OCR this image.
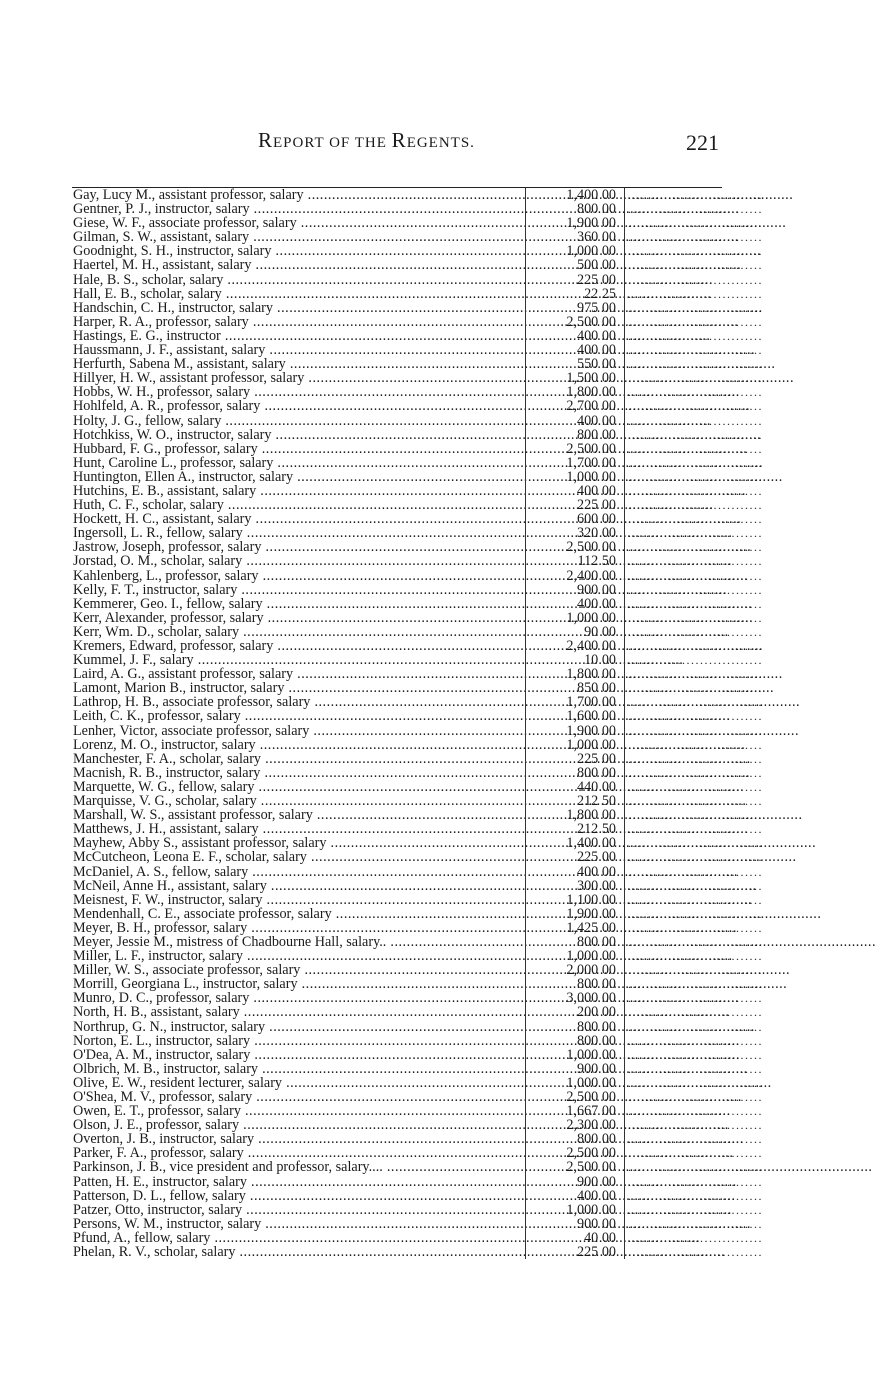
REPORT OF THE REGENTS.	221
Gay, Lucy M., assistant professor, salary .....	1,400 00 ..............................
Gentner, P. J., instructor, salary .....	800 00 ..............................
Giese, W. F., associate professor, salary .....	1,900 00 ..............................
Gilman, S. W., assistant, salary .....	360 00 ..............................
Goodnight, S. H., instructor, salary .....	1,000 00 ..............................
Haertel, M. H., assistant, salary .....	500 00 ..............................
Hale, B. S., scholar, salary .....	225 00 ..............................
Hall, E. B., scholar, salary .....	22 25 ..............................
Handschin, C. H., instructor, salary .....	975 00 ..............................
Harper, R. A., professor, salary .....	2,500 00 ..............................
Hastings, E. G., instructor .....	400 00 ..............................
Haussmann, J. F., assistant, salary .....	400 00 ..............................
Herfurth, Sabena M., assistant, salary .....	550 00 ..............................
Hillyer, H. W., assistant professor, salary .....	1,500 00 ..............................
Hobbs, W. H., professor, salary .....	1,800 00 ..............................
Hohlfeld, A. R., professor, salary .....	2,700 00 ..............................
Holty, J. G., fellow, salary .....	400 00 ..............................
Hotchkiss, W. O., instructor, salary .....	800 00 ..............................
Hubbard, F. G., professor, salary .....	2,500 00 ..............................
Hunt, Caroline L., professor, salary .....	1,700 00 ..............................
Huntington, Ellen A., instructor, salary .....	1,000 00 ..............................
Hutchins, E. B., assistant, salary .....	400 00 ..............................
Huth, C. F., scholar, salary .....	225 00 ..............................
Hockett, H. C., assistant, salary .....	600 00 ..............................
Ingersoll, L. R., fellow, salary .....	320 00 ..............................
Jastrow, Joseph, professor, salary .....	2,500 00 ..............................
Jorstad, O. M., scholar, salary .....	112 50 ..............................
Kahlenberg, L., professor, salary .....	2,400 00 ..............................
Kelly, F. T., instructor, salary .....	900 00 ..............................
Kemmerer, Geo. I., fellow, salary .....	400 00 ..............................
Kerr, Alexander, professor, salary .....	1,000 00 ..............................
Kerr, Wm. D., scholar, salary .....	90 00 ..............................
Kremers, Edward, professor, salary .....	2,400 00 ..............................
Kummel, J. F., salary .....	10 00 ..............................
Laird, A. G., assistant professor, salary .....	1,800 00 ..............................
Lamont, Marion B., instructor, salary .....	850 00 ..............................
Lathrop, H. B., associate professor, salary .....	1,700 00 ..............................
Leith, C. K., professor, salary .....	1,600 00 ..............................
Lenher, Victor, associate professor, salary .....	1,900 00 ..............................
Lorenz, M. O., instructor, salary .....	1,000 00 ..............................
Manchester, F. A., scholar, salary .....	225 00 ..............................
Macnish, R. B., instructor, salary .....	800 00 ..............................
Marquette, W. G., fellow, salary .....	440 00 ..............................
Marquisse, V. G., scholar, salary .....	212 50 ..............................
Marshall, W. S., assistant professor, salary .....	1,800 00 ..............................
Matthews, J. H., assistant, salary .....	212 50 ..............................
Mayhew, Abby S., assistant professor, salary .....	1,400 00 ..............................
McCutcheon, Leona E. F., scholar, salary .....	225 00 ..............................
McDaniel, A. S., fellow, salary .....	400 00 ..............................
McNeil, Anne H., assistant, salary .....	300 00 ..............................
Meisnest, F. W., instructor, salary .....	1,100 00 ..............................
Mendenhall, C. E., associate professor, salary .....	1,900 00 ..............................
Meyer, B. H., professor, salary .....	1,425 00 ..............................
Meyer, Jessie M., mistress of Chadbourne Hall, salary.. .....	800 00 ..............................
Miller, L. F., instructor, salary .....	1,000 00 ..............................
Miller, W. S., associate professor, salary .....	2,000 00 ..............................
Morrill, Georgiana L., instructor, salary .....	800 00 ..............................
Munro, D. C., professor, salary .....	3,000 00 ..............................
North, H. B., assistant, salary .....	200 00 ..............................
Northrup, G. N., instructor, salary .....	800 00 ..............................
Norton, E. L., instructor, salary .....	800 00 ..............................
O'Dea, A. M., instructor, salary .....	1,000 00 ..............................
Olbrich, M. B., instructor, salary .....	900 00 ..............................
Olive, E. W., resident lecturer, salary .....	1,000 00 ..............................
O'Shea, M. V., professor, salary .....	2,500 00 ..............................
Owen, E. T., professor, salary .....	1,667 00 ..............................
Olson, J. E., professor, salary .....	2,300 00 ..............................
Overton, J. B., instructor, salary .....	800 00 ..............................
Parker, F. A., professor, salary .....	2,500 00 ..............................
Parkinson, J. B., vice president and professor, salary.... .....	2,500 00 ..............................
Patten, H. E., instructor, salary .....	900 00 ..............................
Patterson, D. L., fellow, salary .....	400 00 ..............................
Patzer, Otto, instructor, salary .....	1,000 00 ..............................
Persons, W. M., instructor, salary .....	900 00 ..............................
Pfund, A., fellow, salary .....	40 00 ..............................
Phelan, R. V., scholar, salary .....	225 00 ..............................
